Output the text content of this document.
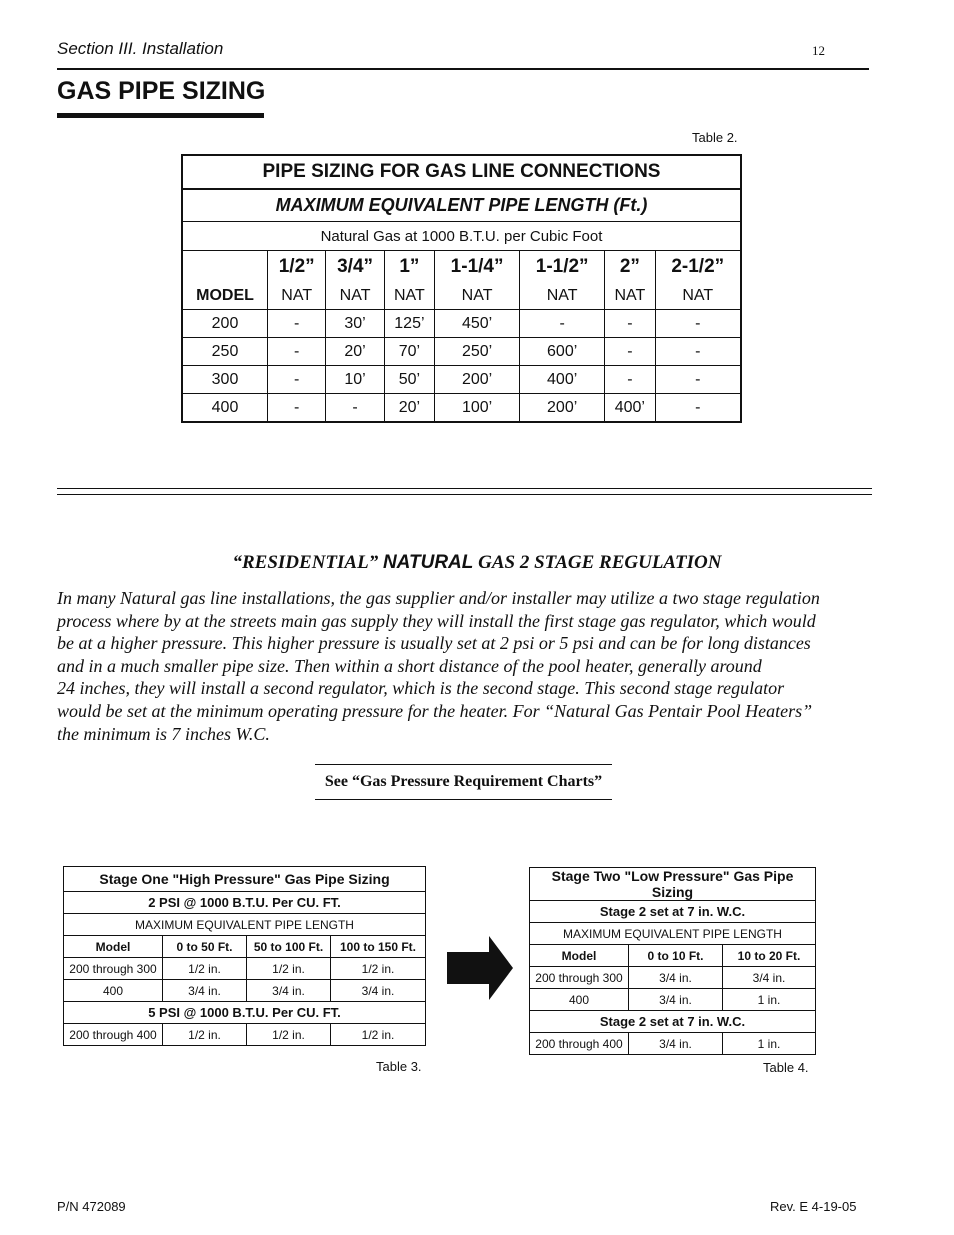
Section III. Installation	12
GAS PIPE SIZING
Table 2.
PIPE SIZING FOR GAS LINE CONNECTIONS							
MAXIMUM EQUIVALENT PIPE LENGTH (Ft.)							
Natural Gas at 1000 B.T.U. per Cubic Foot							
	1/2”	3/4”	1”	1-1/4”	1-1/2”	2”	2-1/2”
MODEL	NAT	NAT	NAT	NAT	NAT	NAT	NAT
200	-	30’	125’	450’	-	-	-
250	-	20’	70’	250’	600’	-	-
300	-	10’	50’	200’	400’	-	-
400	-	-	20’	100’	200’	400’	-
“RESIDENTIAL” NATURAL GAS 2 STAGE REGULATION
In many Natural gas line installations, the gas supplier and/or installer may utilize a two stage regulation
process where by at the streets main gas supply they will install the first stage gas regulator, which would
be at a higher pressure. This higher pressure is usually set at 2 psi or 5 psi and can be for long distances
and in a much smaller pipe size. Then within a short distance of the pool heater, generally around
24 inches, they will install a second regulator, which is the second stage. This second stage regulator
would be set at the minimum operating pressure for the heater. For “Natural Gas Pentair Pool Heaters”
the minimum is 7 inches W.C.
See “Gas Pressure Requirement Charts”
Stage One "High Pressure" Gas Pipe Sizing			
2 PSI @ 1000 B.T.U. Per CU. FT.			
MAXIMUM EQUIVALENT PIPE LENGTH			
Model	0 to 50 Ft.	50 to 100 Ft.	100 to 150 Ft.
200 through 300	1/2 in.	1/2 in.	1/2 in.
400	3/4 in.	3/4 in.	3/4 in.
5 PSI @ 1000 B.T.U. Per CU. FT.			
200 through 400	1/2 in.	1/2 in.	1/2 in.
Table 3.
Stage Two "Low Pressure" Gas Pipe Sizing		
Stage 2 set at 7 in. W.C.		
MAXIMUM EQUIVALENT PIPE LENGTH		
Model	0 to 10 Ft.	10 to 20 Ft.
200 through 300	3/4 in.	3/4 in.
400	3/4 in.	1 in.
Stage 2 set at 7 in. W.C.		
200 through 400	3/4 in.	1 in.
Table 4.
P/N 472089	Rev. E 4-19-05
